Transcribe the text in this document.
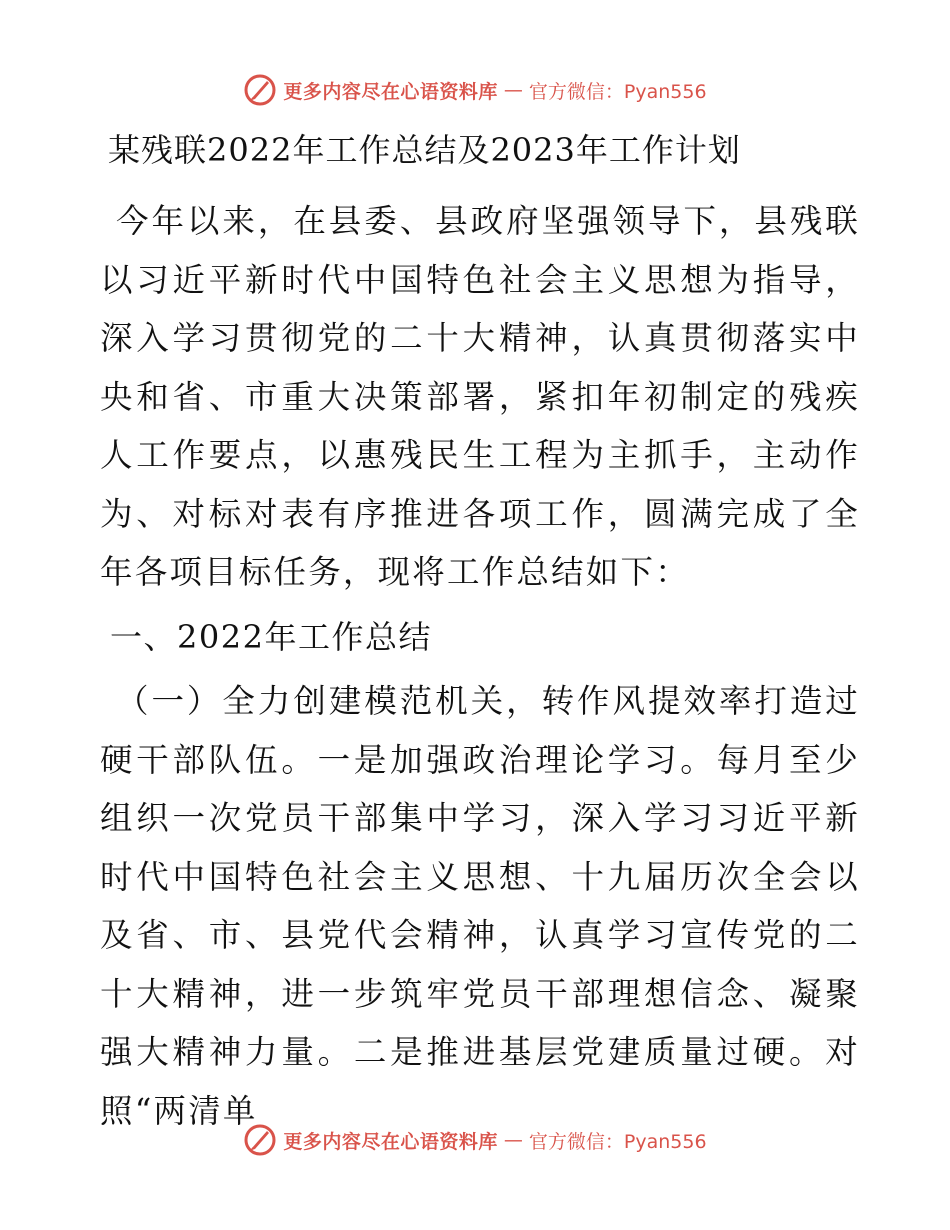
更多内容尽在心语资料库 — 官方微信：Pyan556
某残联2022年工作总结及2023年工作计划

今年以来，在县委、县政府坚强领导下，县残联以习近平新时代中国特色社会主义思想为指导，深入学习贯彻党的二十大精神，认真贯彻落实中央和省、市重大决策部署，紧扣年初制定的残疾人工作要点，以惠残民生工程为主抓手，主动作为、对标对表有序推进各项工作，圆满完成了全年各项目标任务，现将工作总结如下：

一、2022年工作总结

（一）全力创建模范机关，转作风提效率打造过硬干部队伍。一是加强政治理论学习。每月至少组织一次党员干部集中学习，深入学习习近平新时代中国特色社会主义思想、十九届历次全会以及省、市、县党代会精神，认真学习宣传党的二十大精神，进一步筑牢党员干部理想信念、凝聚强大精神力量。二是推进基层党建质量过硬。对照“两清单

更多内容尽在心语资料库 — 官方微信：Pyan556
